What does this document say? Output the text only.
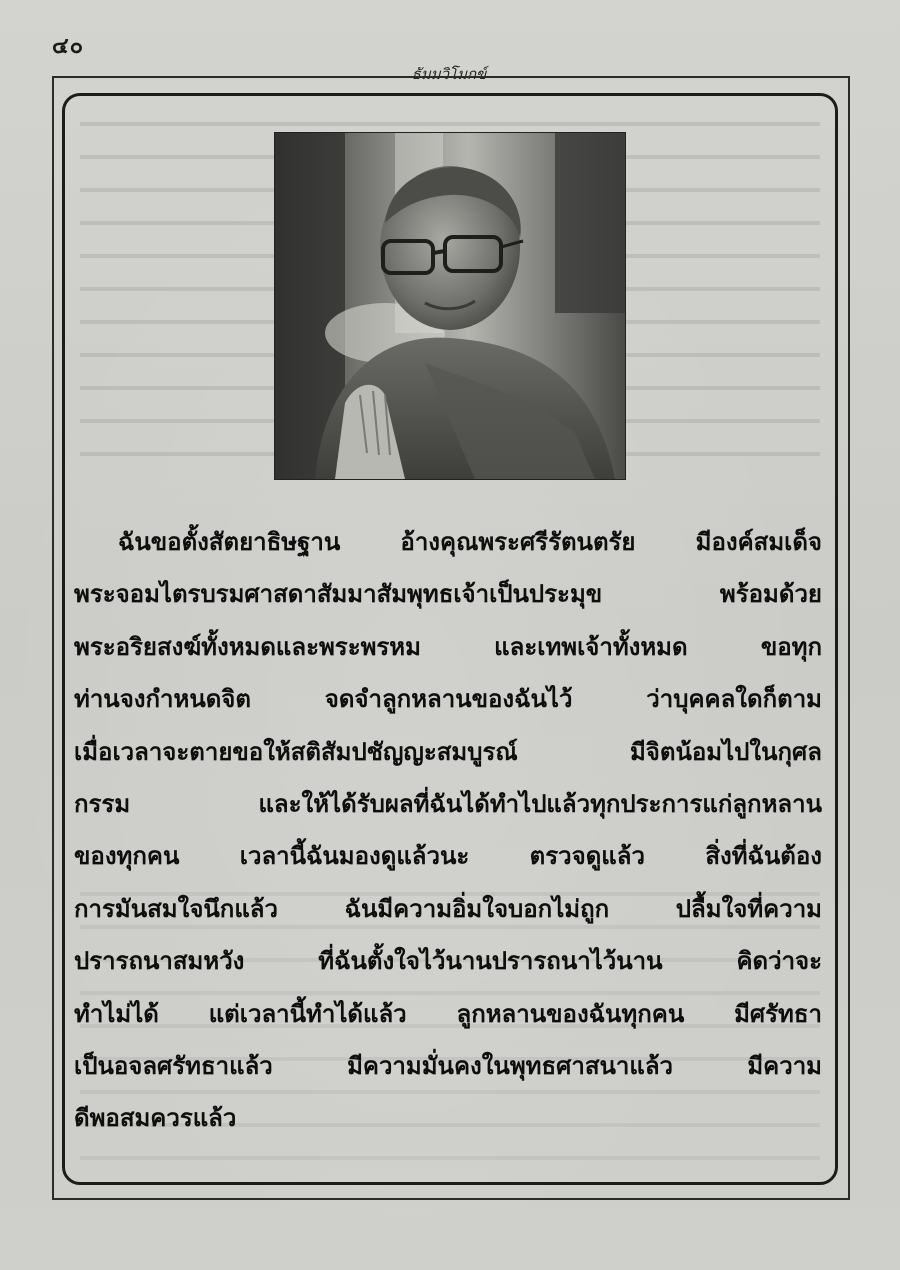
๔๐
ธัมมวิโมกข์
ฉันขอตั้งสัตยาธิษฐาน อ้างคุณพระศรีรัตนตรัย มีองค์สมเด็จ
พระจอมไตรบรมศาสดาสัมมาสัมพุทธเจ้าเป็นประมุข พร้อมด้วย
พระอริยสงฆ์ทั้งหมดและพระพรหม และเทพเจ้าทั้งหมด ขอทุก
ท่านจงกำหนดจิต จดจำลูกหลานของฉันไว้ ว่าบุคคลใดก็ตาม
เมื่อเวลาจะตายขอให้สติสัมปชัญญะสมบูรณ์ มีจิตน้อมไปในกุศล
กรรม และให้ได้รับผลที่ฉันได้ทำไปแล้วทุกประการแก่ลูกหลาน
ของทุกคน เวลานี้ฉันมองดูแล้วนะ ตรวจดูแล้ว สิ่งที่ฉันต้อง
การมันสมใจนึกแล้ว ฉันมีความอิ่มใจบอกไม่ถูก ปลื้มใจที่ความ
ปรารถนาสมหวัง ที่ฉันตั้งใจไว้นานปรารถนาไว้นาน คิดว่าจะ
ทำไม่ได้ แต่เวลานี้ทำได้แล้ว ลูกหลานของฉันทุกคน มีศรัทธา
เป็นอจลศรัทธาแล้ว มีความมั่นคงในพุทธศาสนาแล้ว มีความ
ดีพอสมควรแล้ว
